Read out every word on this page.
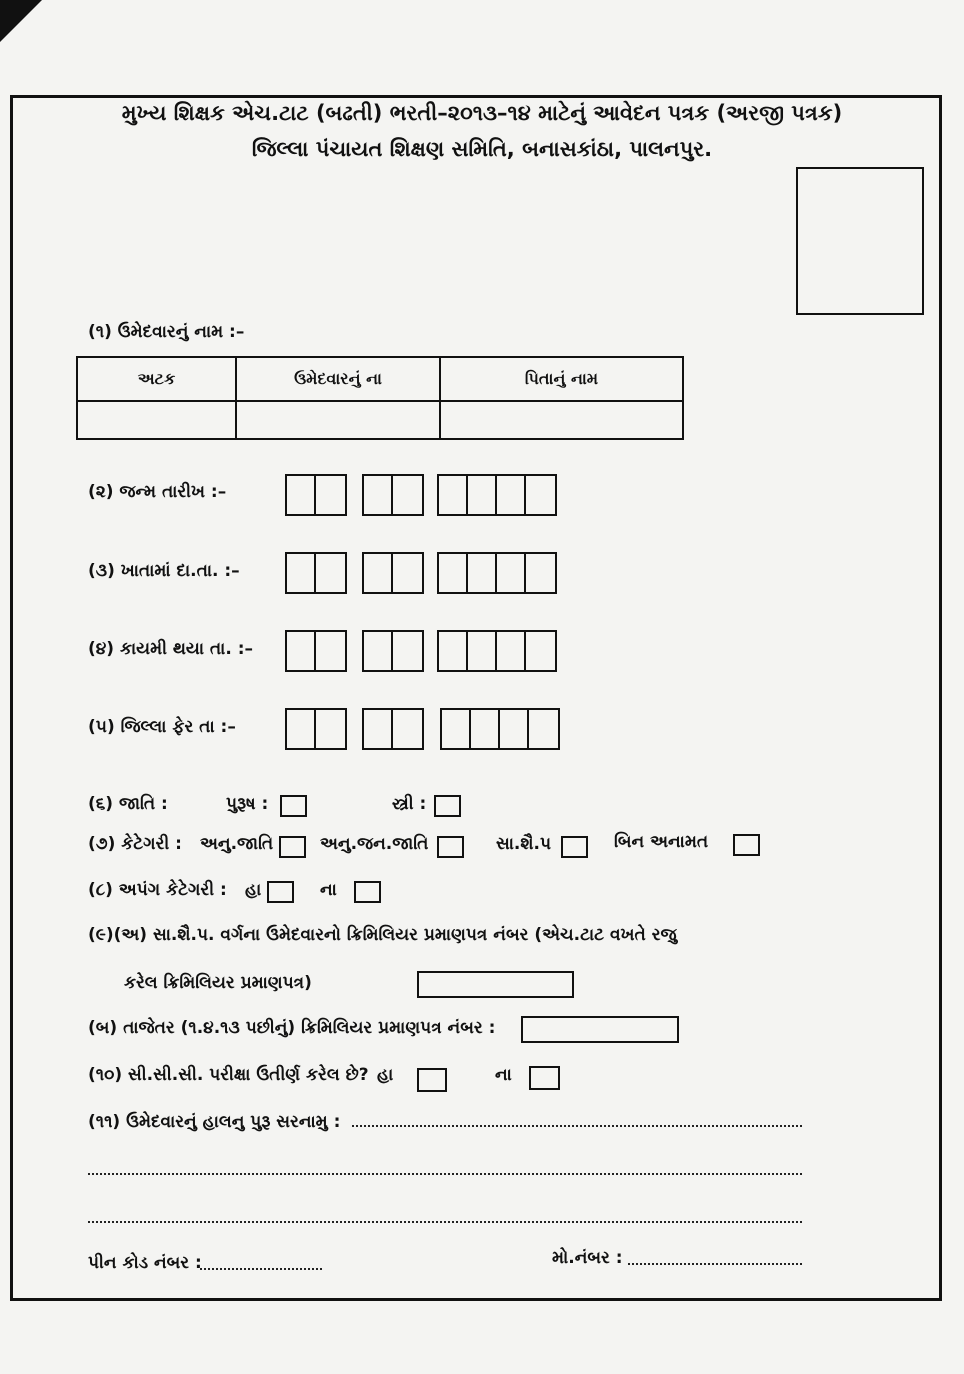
મુખ્ય શિક્ષક એચ.ટાટ (બઢતી) ભરતી–૨૦૧૩–૧૪ માટેનું આવેદન પત્રક (અરજી પત્રક)
જિલ્લા પંચાયત શિક્ષણ સમિતિ, બનાસકાંઠા, પાલનપુર.
(૧) ઉમેદવારનું નામ :–
અટક	ઉમેદવારનું ના	પિતાનું નામ

(૨) જન્મ તારીખ :–
(૩) ખાતામાં દા.તા. :–
(૪) કાયમી થયા તા. :–
(૫) જિલ્લા ફેર તા :–
(૬) જાતિ :	પુરૂષ :	સ્ત્રી :
(૭) કેટેગરી : અનુ.જાતિ	અનુ.જન.જાતિ	સા.શૈ.પ	બિન અનામત
(૮) અપંગ કેટેગરી : હા	ના
(૯)(અ) સા.શૈ.પ. વર્ગના ઉમેદવારનો ક્રિમિલિયર પ્રમાણપત્ર નંબર (એચ.ટાટ વખતે રજુ
કરેલ ક્રિમિલિયર પ્રમાણપત્ર)
(બ) તાજેતર (૧.૪.૧૩ પછીનું) ક્રિમિલિયર પ્રમાણપત્ર નંબર :
(૧૦) સી.સી.સી. પરીક્ષા ઉતીર્ણ કરેલ છે? હા	ના
(૧૧) ઉમેદવારનું હાલનુ પુરૂ સરનામુ :
પીન કોડ નંબર :	મો.નંબર :
